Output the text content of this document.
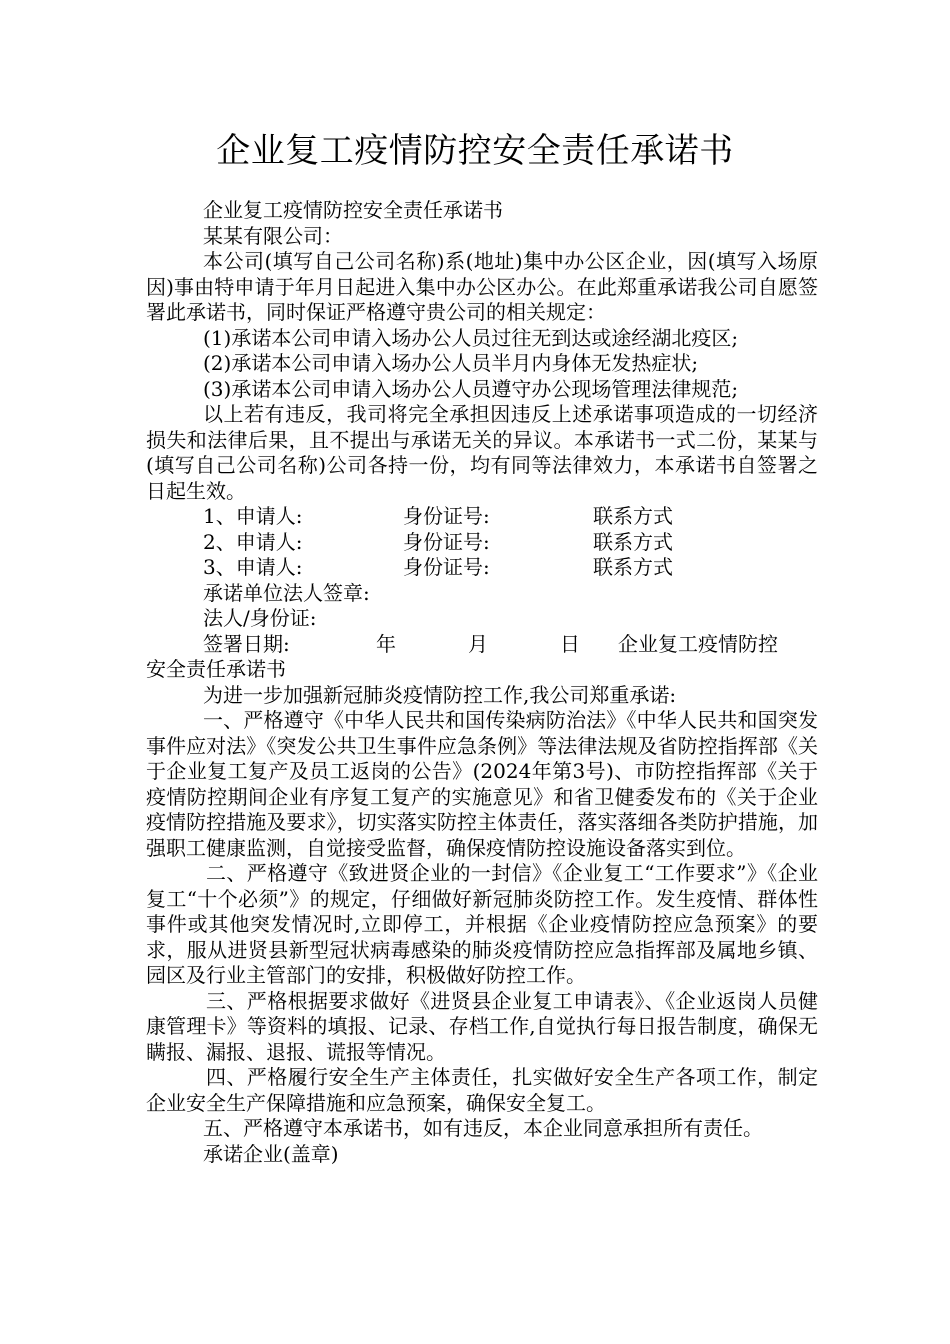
企业复工疫情防控安全责任承诺书

企业复工疫情防控安全责任承诺书

某某有限公司：

本公司(填写自己公司名称)系(地址)集中办公区企业，因(填写入场原因)事由特申请于年月日起进入集中办公区办公。在此郑重承诺我公司自愿签署此承诺书，同时保证严格遵守贵公司的相关规定：

(1)承诺本公司申请入场办公人员过往无到达或途经湖北疫区;

(2)承诺本公司申请入场办公人员半月内身体无发热症状;

(3)承诺本公司申请入场办公人员遵守办公现场管理法律规范;

以上若有违反，我司将完全承担因违反上述承诺事项造成的一切经济损失和法律后果，且不提出与承诺无关的异议。本承诺书一式二份，某某与(填写自己公司名称)公司各持一份，均有同等法律效力，本承诺书自签署之日起生效。

1、申请人:	身份证号:	联系方式
2、申请人:	身份证号:	联系方式
3、申请人:	身份证号:	联系方式

承诺单位法人签章:

法人/身份证:

签署日期:	年	月	日	企业复工疫情防控

安全责任承诺书

为进一步加强新冠肺炎疫情防控工作,我公司郑重承诺:

一、严格遵守《中华人民共和国传染病防治法》《中华人民共和国突发事件应对法》《突发公共卫生事件应急条例》等法律法规及省防控指挥部《关于企业复工复产及员工返岗的公告》(2024年第3号)、市防控指挥部《关于疫情防控期间企业有序复工复产的实施意见》和省卫健委发布的《关于企业疫情防控措施及要求》，切实落实防控主体责任，落实落细各类防护措施，加强职工健康监测，自觉接受监督，确保疫情防控设施设备落实到位。

二、严格遵守《致进贤企业的一封信》《企业复工“工作要求”》《企业复工“十个必须”》的规定，仔细做好新冠肺炎防控工作。发生疫情、群体性事件或其他突发情况时,立即停工，并根据《企业疫情防控应急预案》的要求，服从进贤县新型冠状病毒感染的肺炎疫情防控应急指挥部及属地乡镇、园区及行业主管部门的安排，积极做好防控工作。

三、严格根据要求做好《进贤县企业复工申请表》、《企业返岗人员健康管理卡》等资料的填报、记录、存档工作,自觉执行每日报告制度，确保无瞒报、漏报、退报、谎报等情况。

四、严格履行安全生产主体责任，扎实做好安全生产各项工作，制定企业安全生产保障措施和应急预案，确保安全复工。

五、严格遵守本承诺书，如有违反，本企业同意承担所有责任。

承诺企业(盖章)
